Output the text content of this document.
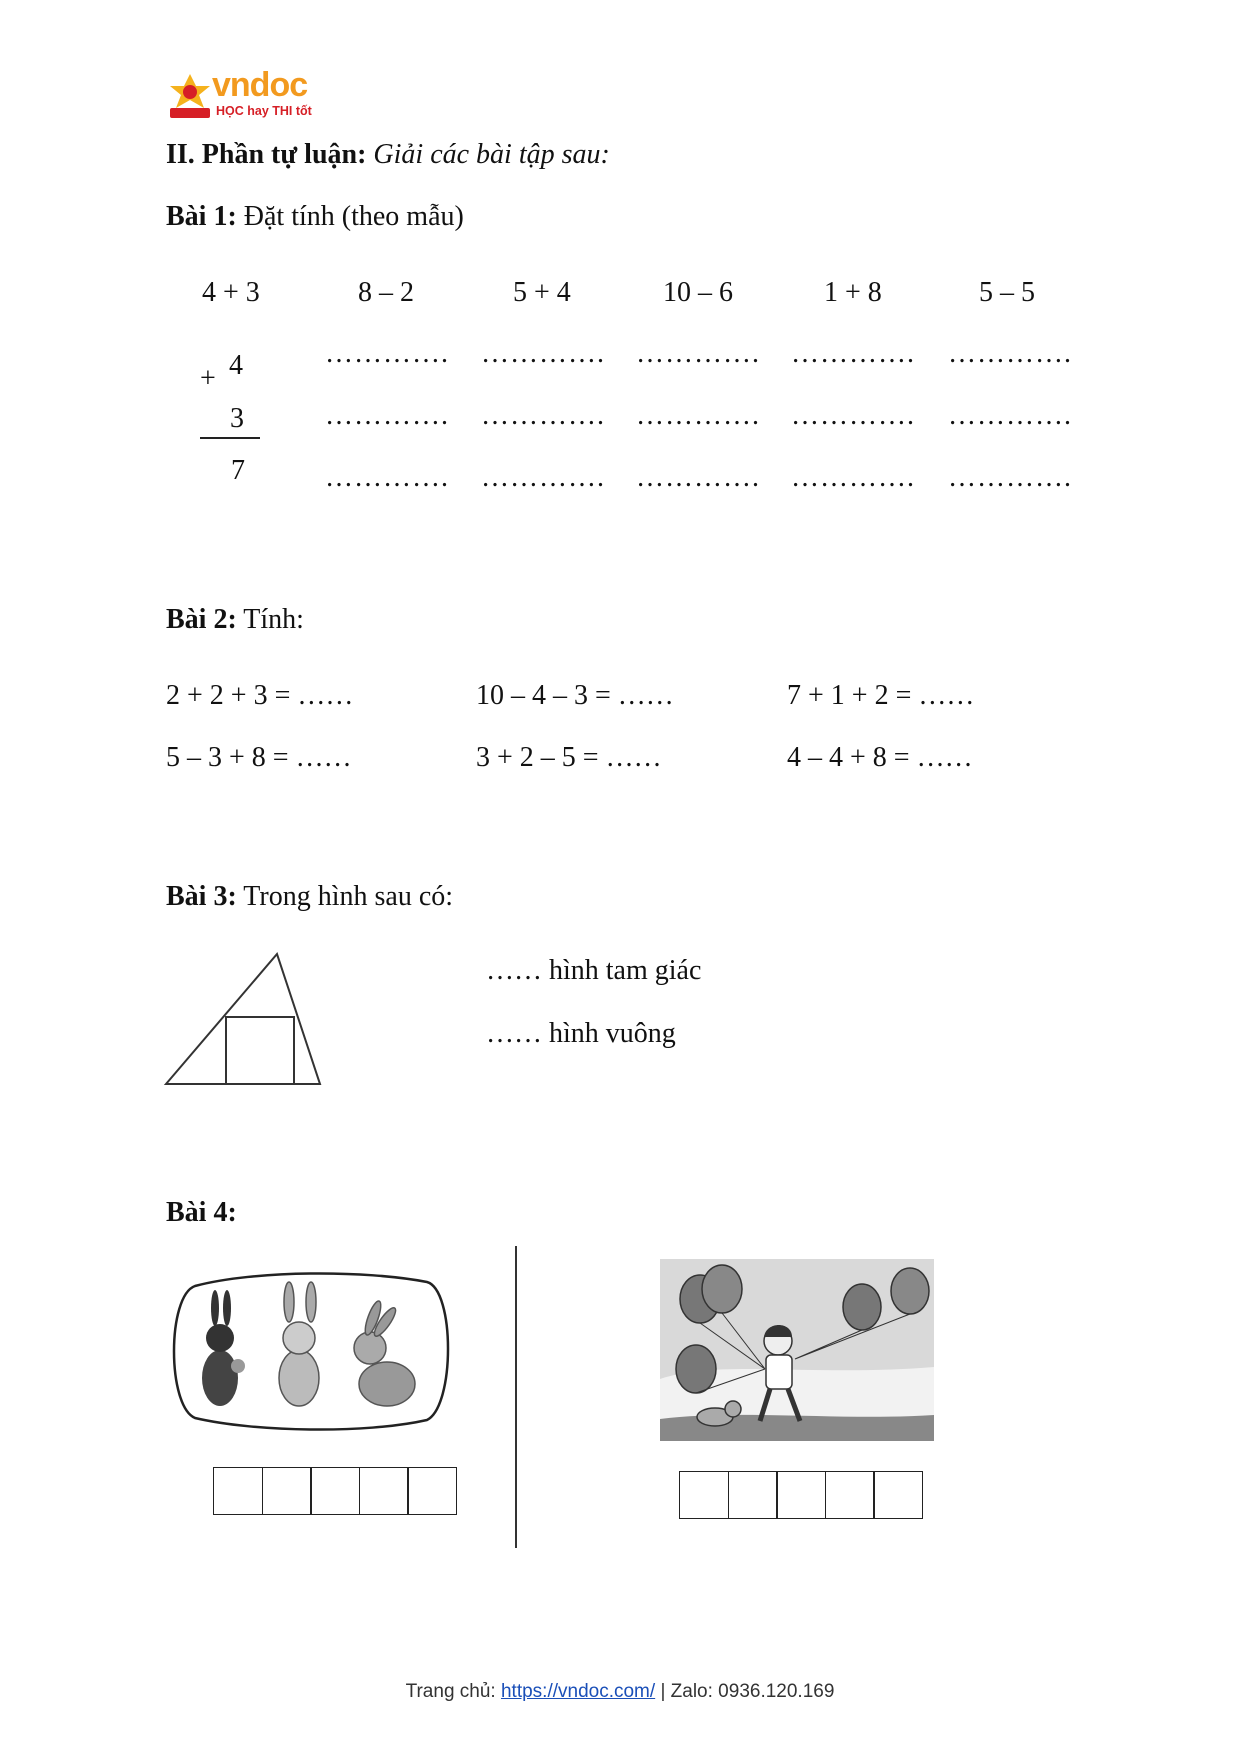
vndoc
HỌC hay THI tốt
II. Phần tự luận: Giải các bài tập sau:
Bài 1: Đặt tính (theo mẫu)
4 + 3	8 – 2	5 + 4	10 – 6	1 + 8	5 – 5
4
+
3
7
…………. …………. …………. …………. ………….
…………. …………. …………. …………. ………….
…………. …………. …………. …………. ………….
Bài 2: Tính:
2 + 2 + 3 = ……	10 – 4 – 3 = ……	7 + 1 + 2 = ……
5 – 3 + 8 = ……	3 + 2 – 5 = ……	4 – 4 + 8 = ……
Bài 3: Trong hình sau có:
…… hình tam giác
…… hình vuông
Bài 4:
Trang chủ: https://vndoc.com/ | Zalo: 0936.120.169
